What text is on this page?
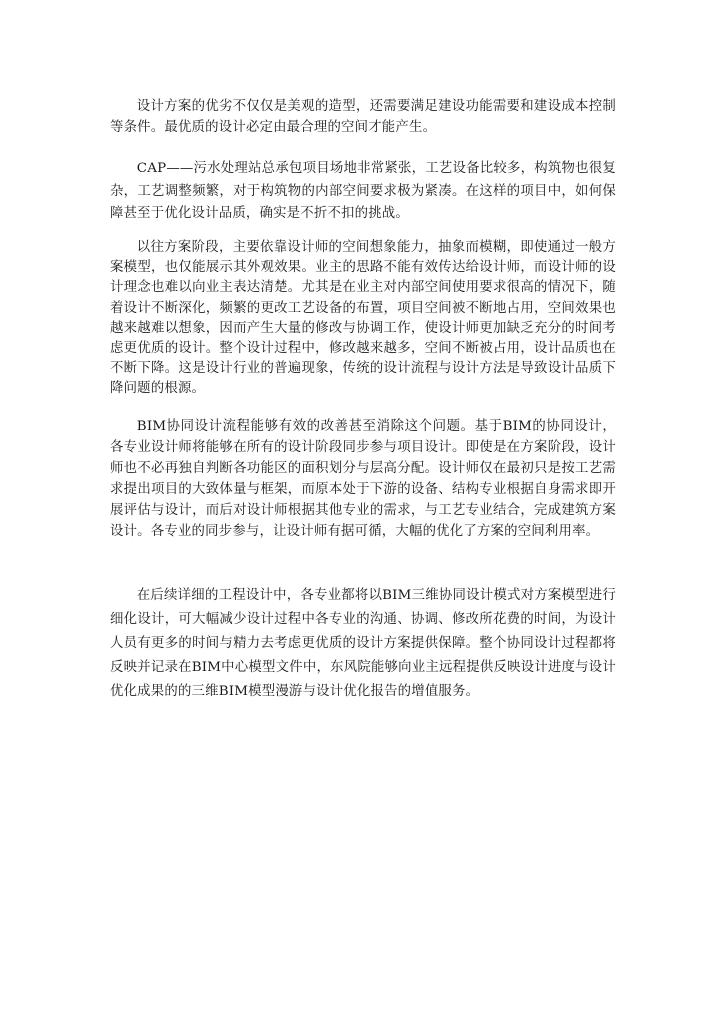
设计方案的优劣不仅仅是美观的造型，还需要满足建设功能需要和建设成本控制等条件。最优质的设计必定由最合理的空间才能产生。

CAP——污水处理站总承包项目场地非常紧张，工艺设备比较多，构筑物也很复杂，工艺调整频繁，对于构筑物的内部空间要求极为紧凑。在这样的项目中，如何保障甚至于优化设计品质，确实是不折不扣的挑战。

以往方案阶段，主要依靠设计师的空间想象能力，抽象而模糊，即使通过一般方案模型，也仅能展示其外观效果。业主的思路不能有效传达给设计师，而设计师的设计理念也难以向业主表达清楚。尤其是在业主对内部空间使用要求很高的情况下，随着设计不断深化，频繁的更改工艺设备的布置，项目空间被不断地占用，空间效果也越来越难以想象，因而产生大量的修改与协调工作，使设计师更加缺乏充分的时间考虑更优质的设计。整个设计过程中，修改越来越多，空间不断被占用，设计品质也在不断下降。这是设计行业的普遍现象，传统的设计流程与设计方法是导致设计品质下降问题的根源。

BIM协同设计流程能够有效的改善甚至消除这个问题。基于BIM的协同设计，各专业设计师将能够在所有的设计阶段同步参与项目设计。即使是在方案阶段，设计师也不必再独自判断各功能区的面积划分与层高分配。设计师仅在最初只是按工艺需求提出项目的大致体量与框架，而原本处于下游的设备、结构专业根据自身需求即开展评估与设计，而后对设计师根据其他专业的需求，与工艺专业结合，完成建筑方案设计。各专业的同步参与，让设计师有据可循，大幅的优化了方案的空间利用率。

在后续详细的工程设计中，各专业都将以BIM三维协同设计模式对方案模型进行细化设计，可大幅减少设计过程中各专业的沟通、协调、修改所花费的时间，为设计人员有更多的时间与精力去考虑更优质的设计方案提供保障。整个协同设计过程都将反映并记录在BIM中心模型文件中，东风院能够向业主远程提供反映设计进度与设计优化成果的的三维BIM模型漫游与设计优化报告的增值服务。
